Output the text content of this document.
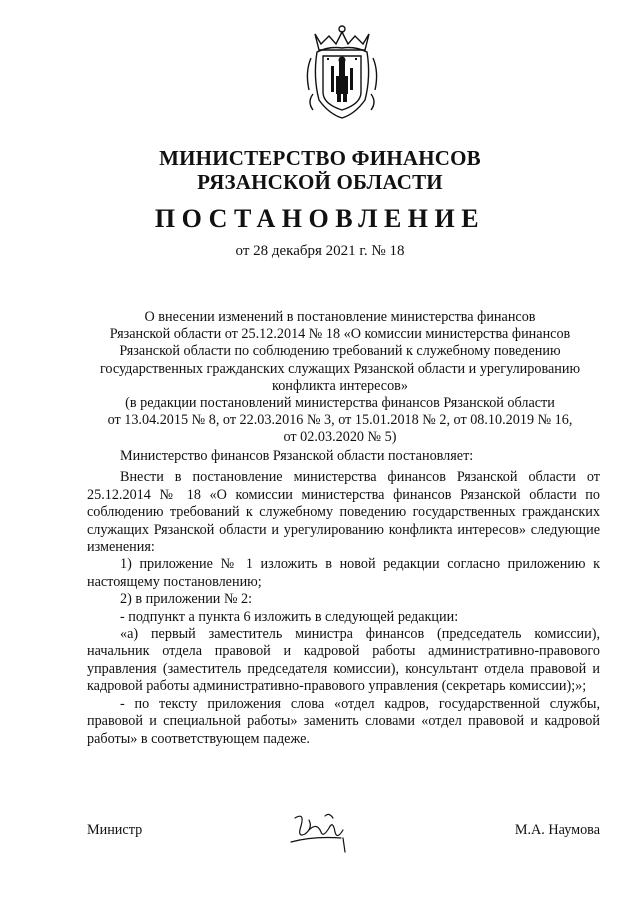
МИНИСТЕРСТВО ФИНАНСОВ
РЯЗАНСКОЙ ОБЛАСТИ
ПОСТАНОВЛЕНИЕ
от 28 декабря 2021 г. № 18
О внесении изменений в постановление министерства финансов
Рязанской области от 25.12.2014 № 18 «О комиссии министерства финансов
Рязанской области по соблюдению требований к служебному поведению
государственных гражданских служащих Рязанской области и урегулированию
конфликта интересов»
(в редакции постановлений министерства финансов Рязанской области
от 13.04.2015 № 8, от 22.03.2016 № 3, от 15.01.2018 № 2, от 08.10.2019 № 16,
от 02.03.2020 № 5)

Министерство финансов Рязанской области постановляет:

Внести в постановление министерства финансов Рязанской области от 25.12.2014 № 18 «О комиссии министерства финансов Рязанской области по соблюдению требований к служебному поведению государственных гражданских служащих Рязанской области и урегулированию конфликта интересов» следующие изменения:

1) приложение № 1 изложить в новой редакции согласно приложению к настоящему постановлению;

2) в приложении № 2:

- подпункт а пункта 6 изложить в следующей редакции:

«а) первый заместитель министра финансов (председатель комиссии), начальник отдела правовой и кадровой работы административно-правового управления (заместитель председателя комиссии), консультант отдела правовой и кадровой работы административно-правового управления (секретарь комиссии);»;

- по тексту приложения слова «отдел кадров, государственной службы, правовой и специальной работы» заменить словами «отдел правовой и кадровой работы» в соответствующем падеже.

Министр	М.А. Наумова
